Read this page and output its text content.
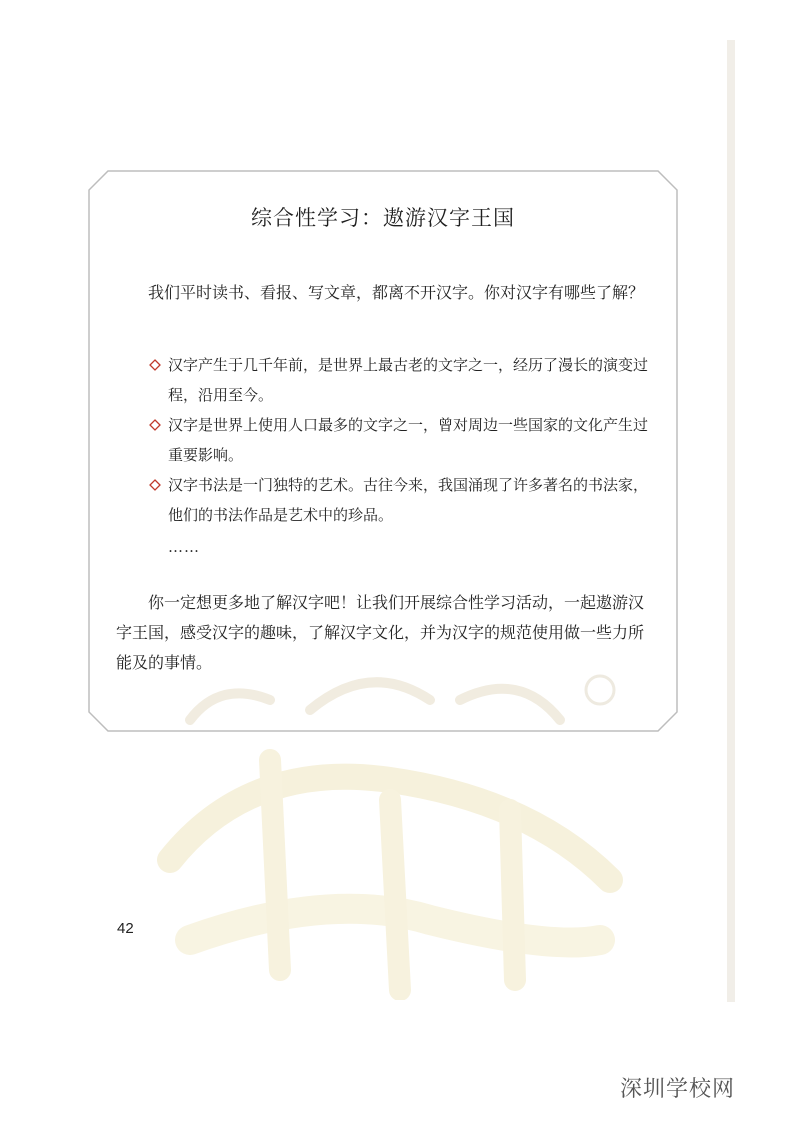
综合性学习：遨游汉字王国
我们平时读书、看报、写文章，都离不开汉字。你对汉字有哪些了解？
汉字产生于几千年前，是世界上最古老的文字之一，经历了漫长的演变过程，沿用至今。
汉字是世界上使用人口最多的文字之一，曾对周边一些国家的文化产生过重要影响。
汉字书法是一门独特的艺术。古往今来，我国涌现了许多著名的书法家，他们的书法作品是艺术中的珍品。
……
你一定想更多地了解汉字吧！让我们开展综合性学习活动，一起遨游汉字王国，感受汉字的趣味，了解汉字文化，并为汉字的规范使用做一些力所能及的事情。
42
深圳学校网
